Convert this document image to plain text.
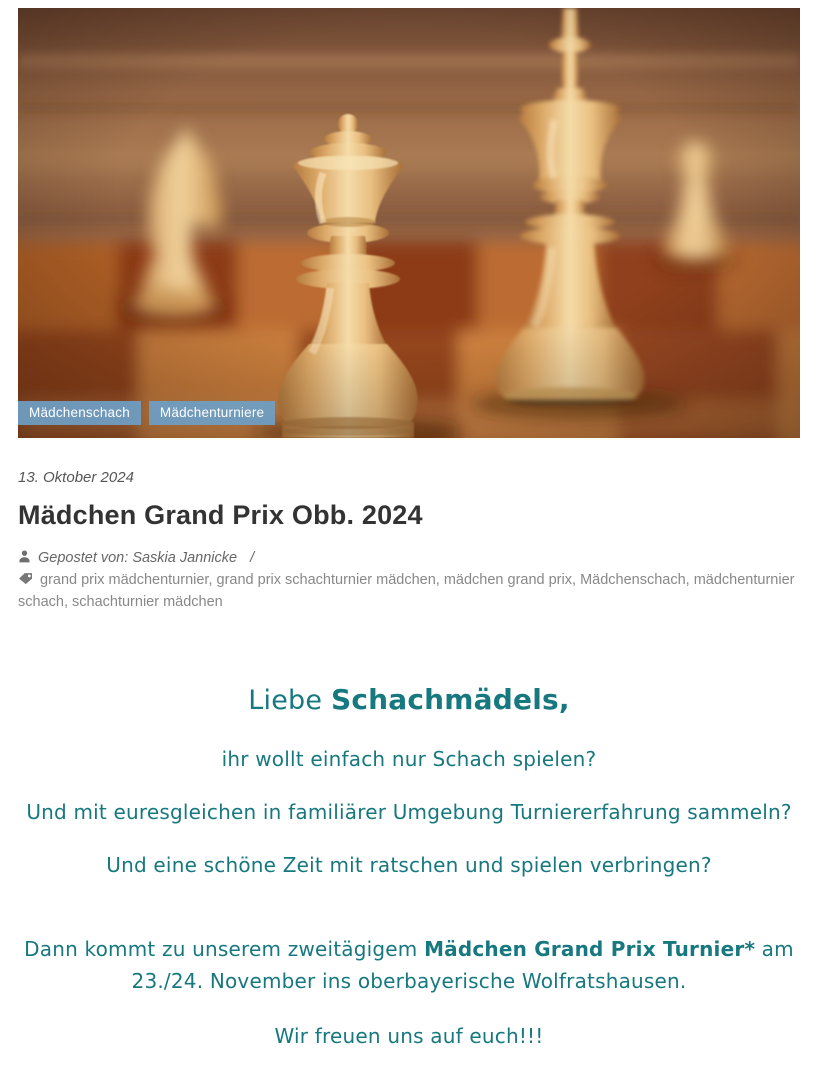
Mädchenschach	Mädchenturniere
13. Oktober 2024
Mädchen Grand Prix Obb. 2024
Gepostet von: Saskia Jannicke /
grand prix mädchenturnier, grand prix schachturnier mädchen, mädchen grand prix, Mädchenschach, mädchenturnier schach, schachturnier mädchen

Liebe Schachmädels,

ihr wollt einfach nur Schach spielen?

Und mit euresgleichen in familiärer Umgebung Turniererfahrung sammeln?

Und eine schöne Zeit mit ratschen und spielen verbringen?

Dann kommt zu unserem zweitägigem Mädchen Grand Prix Turnier* am 23./24. November ins oberbayerische Wolfratshausen.

Wir freuen uns auf euch!!!
